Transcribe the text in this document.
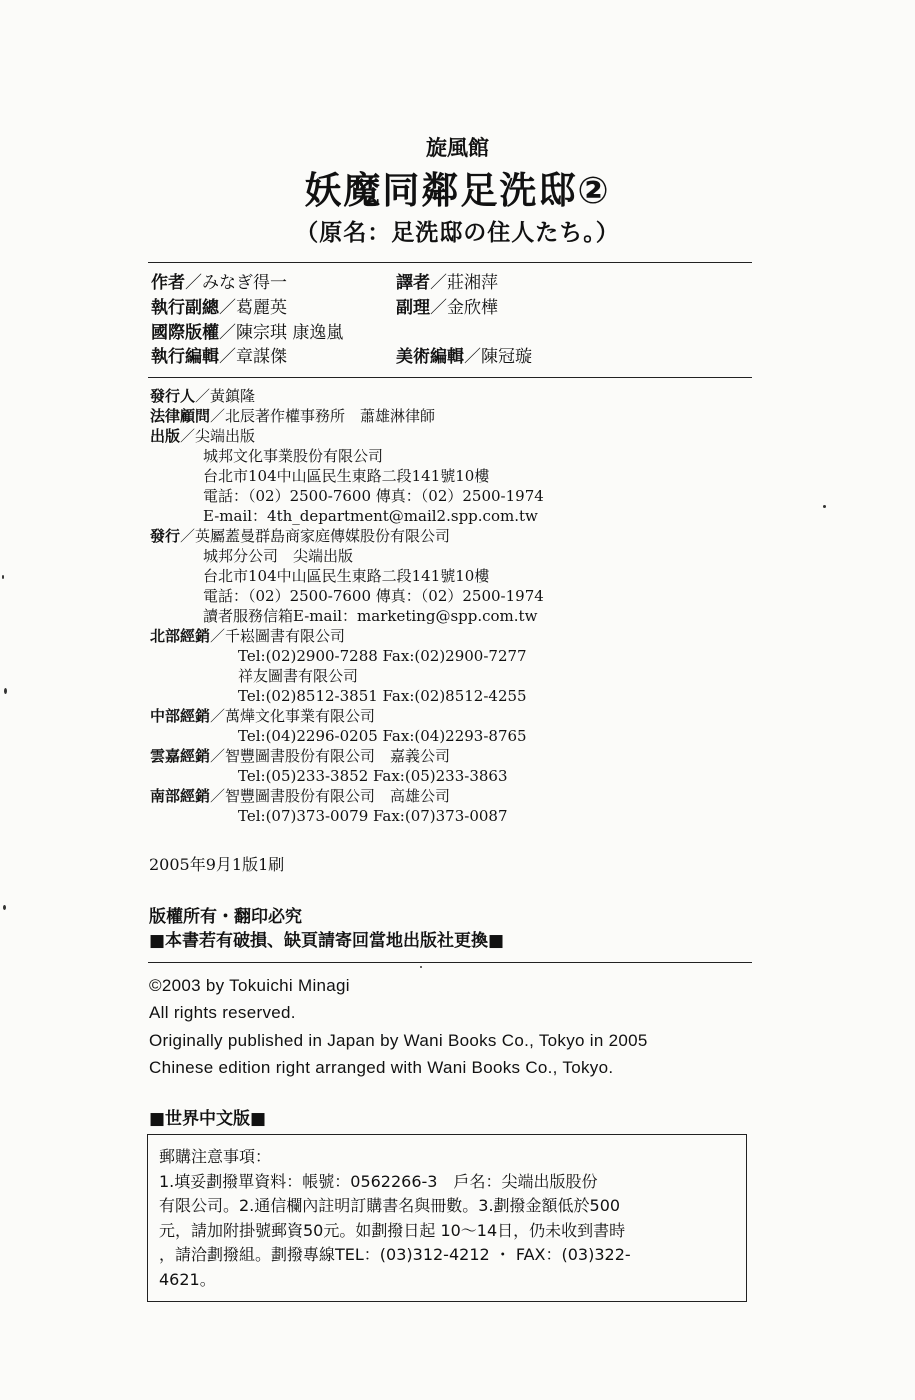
旋風館
妖魔同鄰足洗邸②
（原名：足洗邸の住人たち。）
作者／みなぎ得一	譯者／莊湘萍
執行副總／葛麗英	副理／金欣樺
國際版權／陳宗琪 康逸嵐
執行編輯／章謀傑	美術編輯／陳冠璇
發行人／黃鎮隆
法律顧問／北辰著作權事務所　蕭雄淋律師
出版／尖端出版
城邦文化事業股份有限公司
台北市104中山區民生東路二段141號10樓
電話：（02）2500-7600 傳真：（02）2500-1974
E-mail：4th_department@mail2.spp.com.tw
發行／英屬蓋曼群島商家庭傳媒股份有限公司
城邦分公司　尖端出版
台北市104中山區民生東路二段141號10樓
電話：（02）2500-7600 傳真：（02）2500-1974
讀者服務信箱E-mail：marketing@spp.com.tw
北部經銷／千崧圖書有限公司
Tel:(02)2900-7288 Fax:(02)2900-7277
祥友圖書有限公司
Tel:(02)8512-3851 Fax:(02)8512-4255
中部經銷／萬燁文化事業有限公司
Tel:(04)2296-0205 Fax:(04)2293-8765
雲嘉經銷／智豐圖書股份有限公司　嘉義公司
Tel:(05)233-3852 Fax:(05)233-3863
南部經銷／智豐圖書股份有限公司　高雄公司
Tel:(07)373-0079 Fax:(07)373-0087
2005年9月1版1刷
版權所有・翻印必究
■本書若有破損、缺頁請寄回當地出版社更換■
©2003 by Tokuichi Minagi
All rights reserved.
Originally published in Japan by Wani Books Co., Tokyo in 2005
Chinese edition right arranged with Wani Books Co., Tokyo.
■世界中文版■
郵購注意事項：
1.填妥劃撥單資料：帳號：0562266-3　戶名：尖端出版股份
有限公司。2.通信欄內註明訂購書名與冊數。3.劃撥金額低於500
元，請加附掛號郵資50元。如劃撥日起 10～14日，仍未收到書時
，請洽劃撥組。劃撥專線TEL：(03)312-4212 ・ FAX：(03)322-
4621。
